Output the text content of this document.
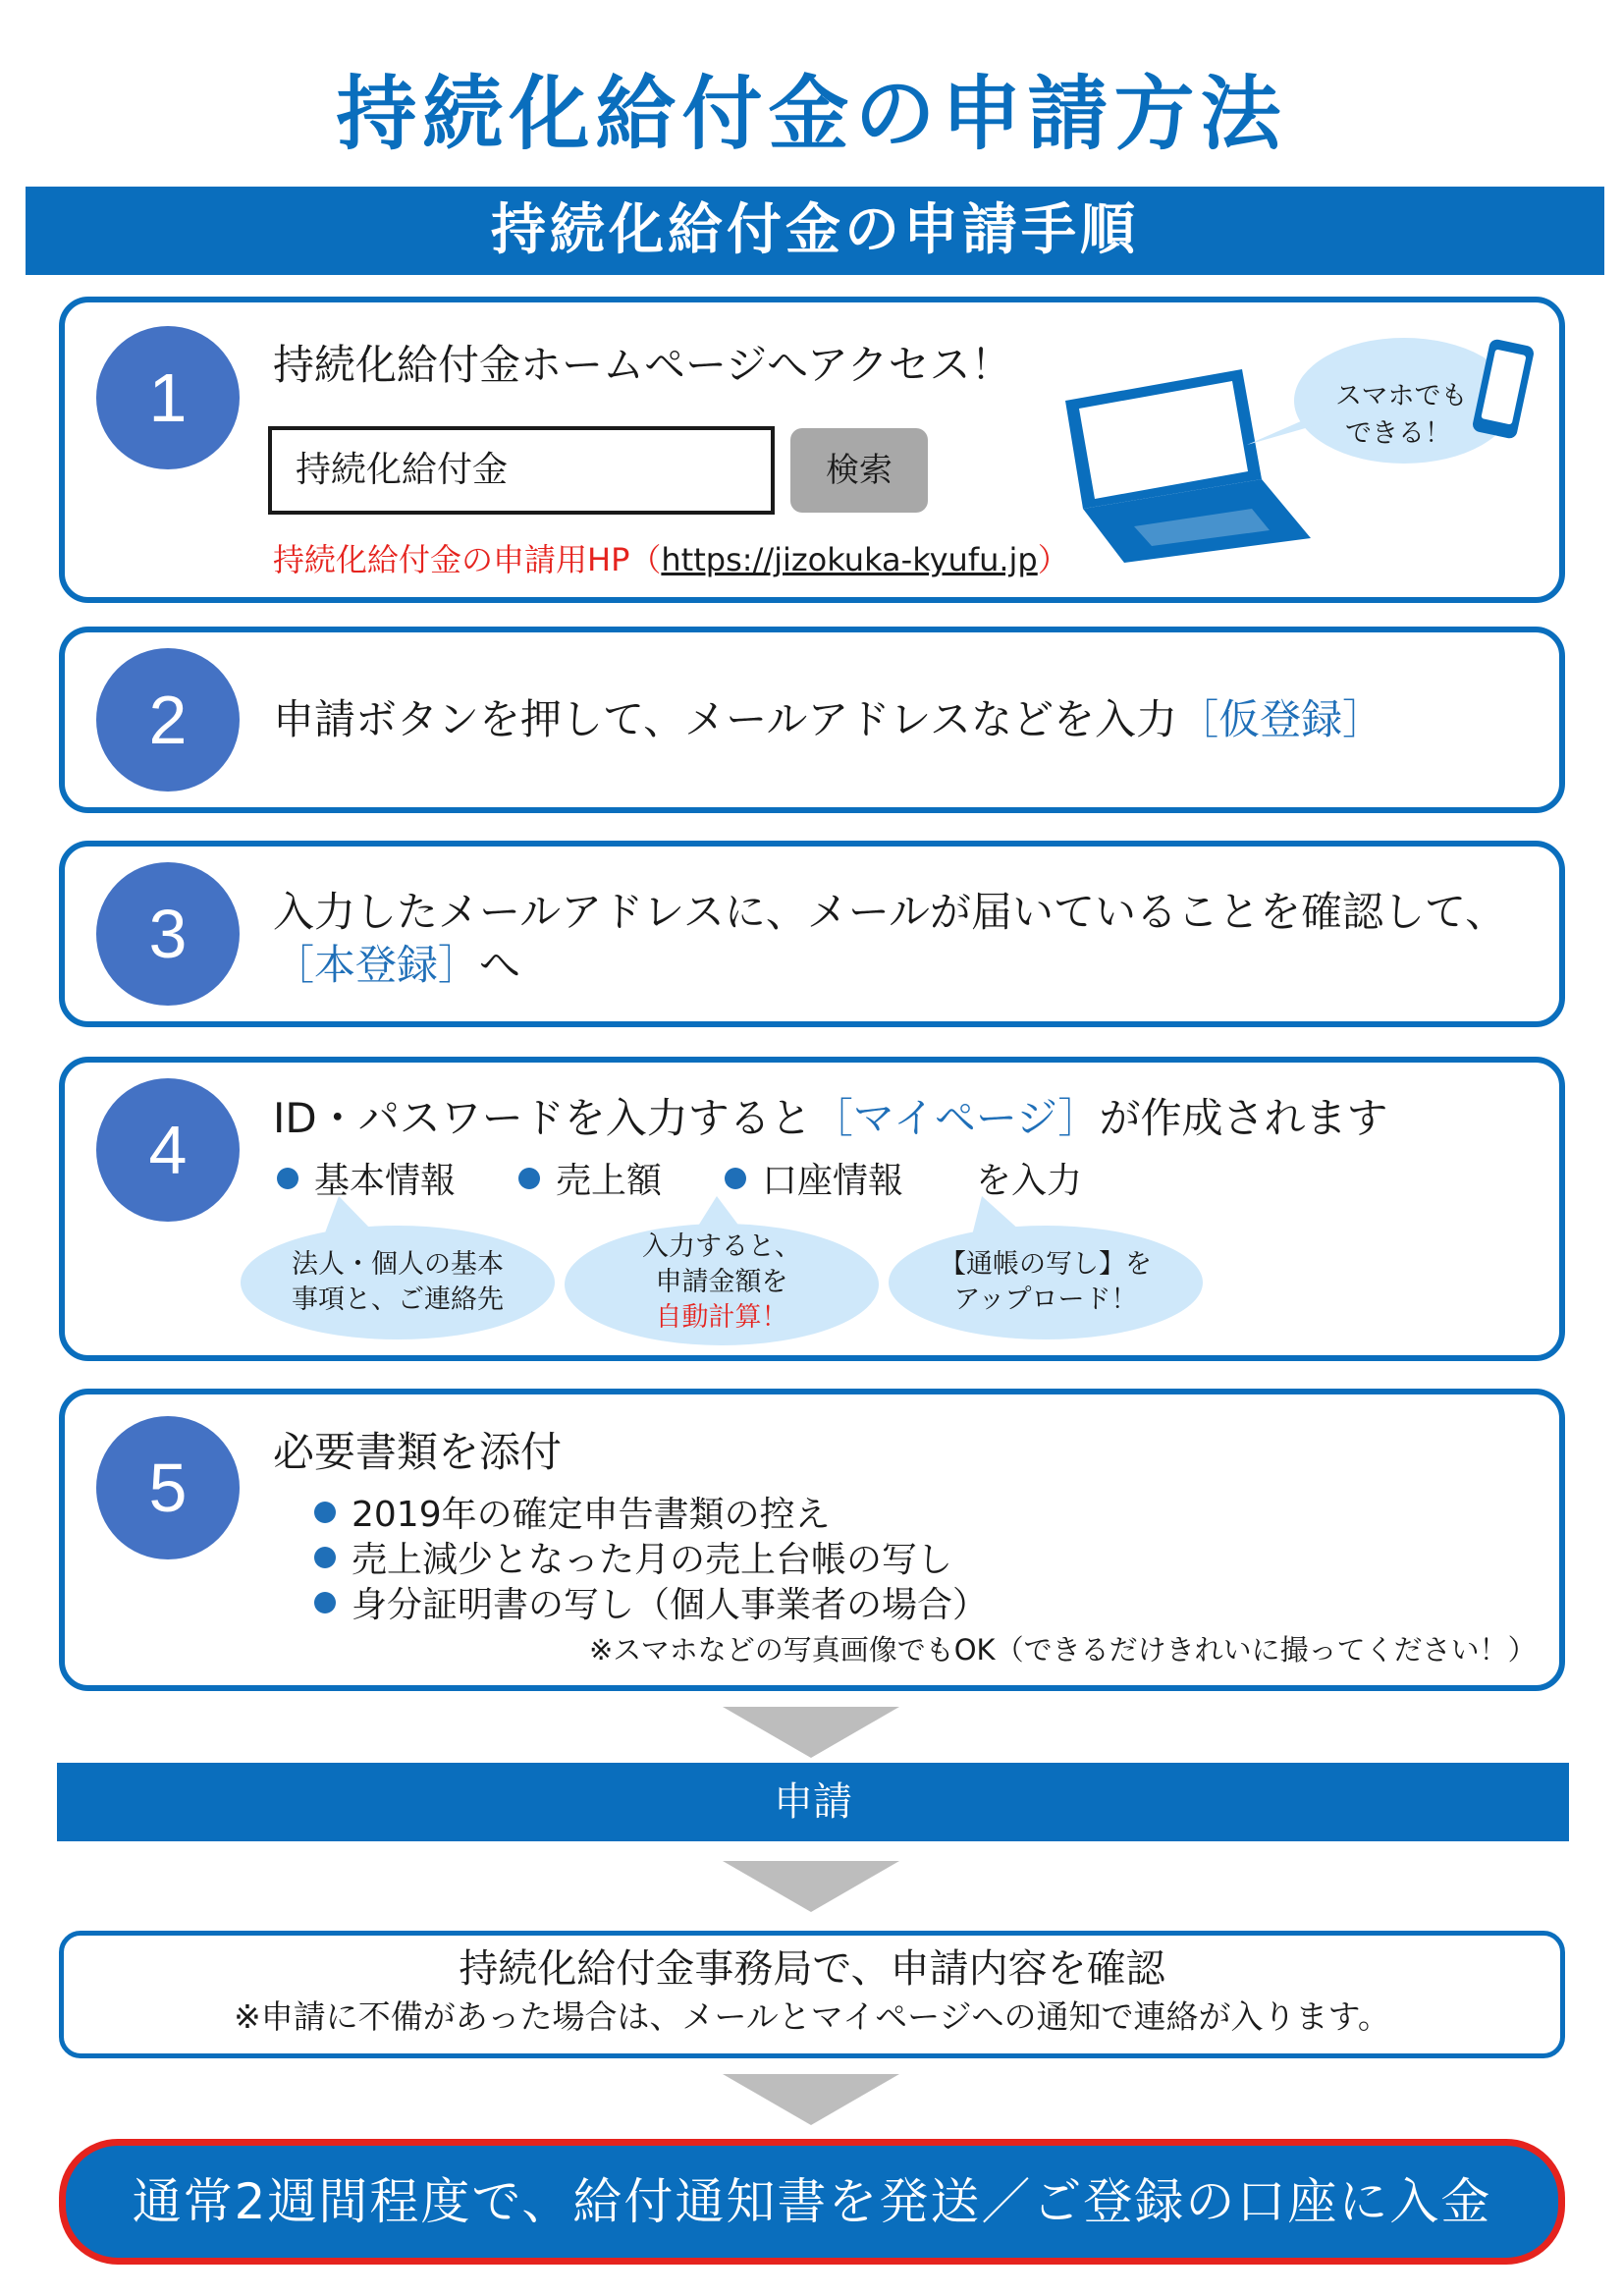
持続化給付金の申請方法
持続化給付金の申請手順
1	持続化給付金ホームページへアクセス！
持続化給付金	検索
持続化給付金の申請用HP（https://jizokuka-kyufu.jp）
スマホでも
できる！
2	申請ボタンを押して、メールアドレスなどを入力［仮登録］
3	入力したメールアドレスに、メールが届いていることを確認して、
［本登録］へ
4	ID・パスワードを入力すると［マイページ］が作成されます
基本情報	売上額	口座情報 を入力
法人・個人の基本
事項と、ご連絡先
入力すると、
申請金額を
自動計算！
【通帳の写し】を
アップロード！
5	必要書類を添付
2019年の確定申告書類の控え
売上減少となった月の売上台帳の写し
身分証明書の写し（個人事業者の場合）
※スマホなどの写真画像でもOK（できるだけきれいに撮ってください！）
申請
持続化給付金事務局で、申請内容を確認
※申請に不備があった場合は、メールとマイページへの通知で連絡が入ります。
通常2週間程度で、給付通知書を発送／ご登録の口座に入金
